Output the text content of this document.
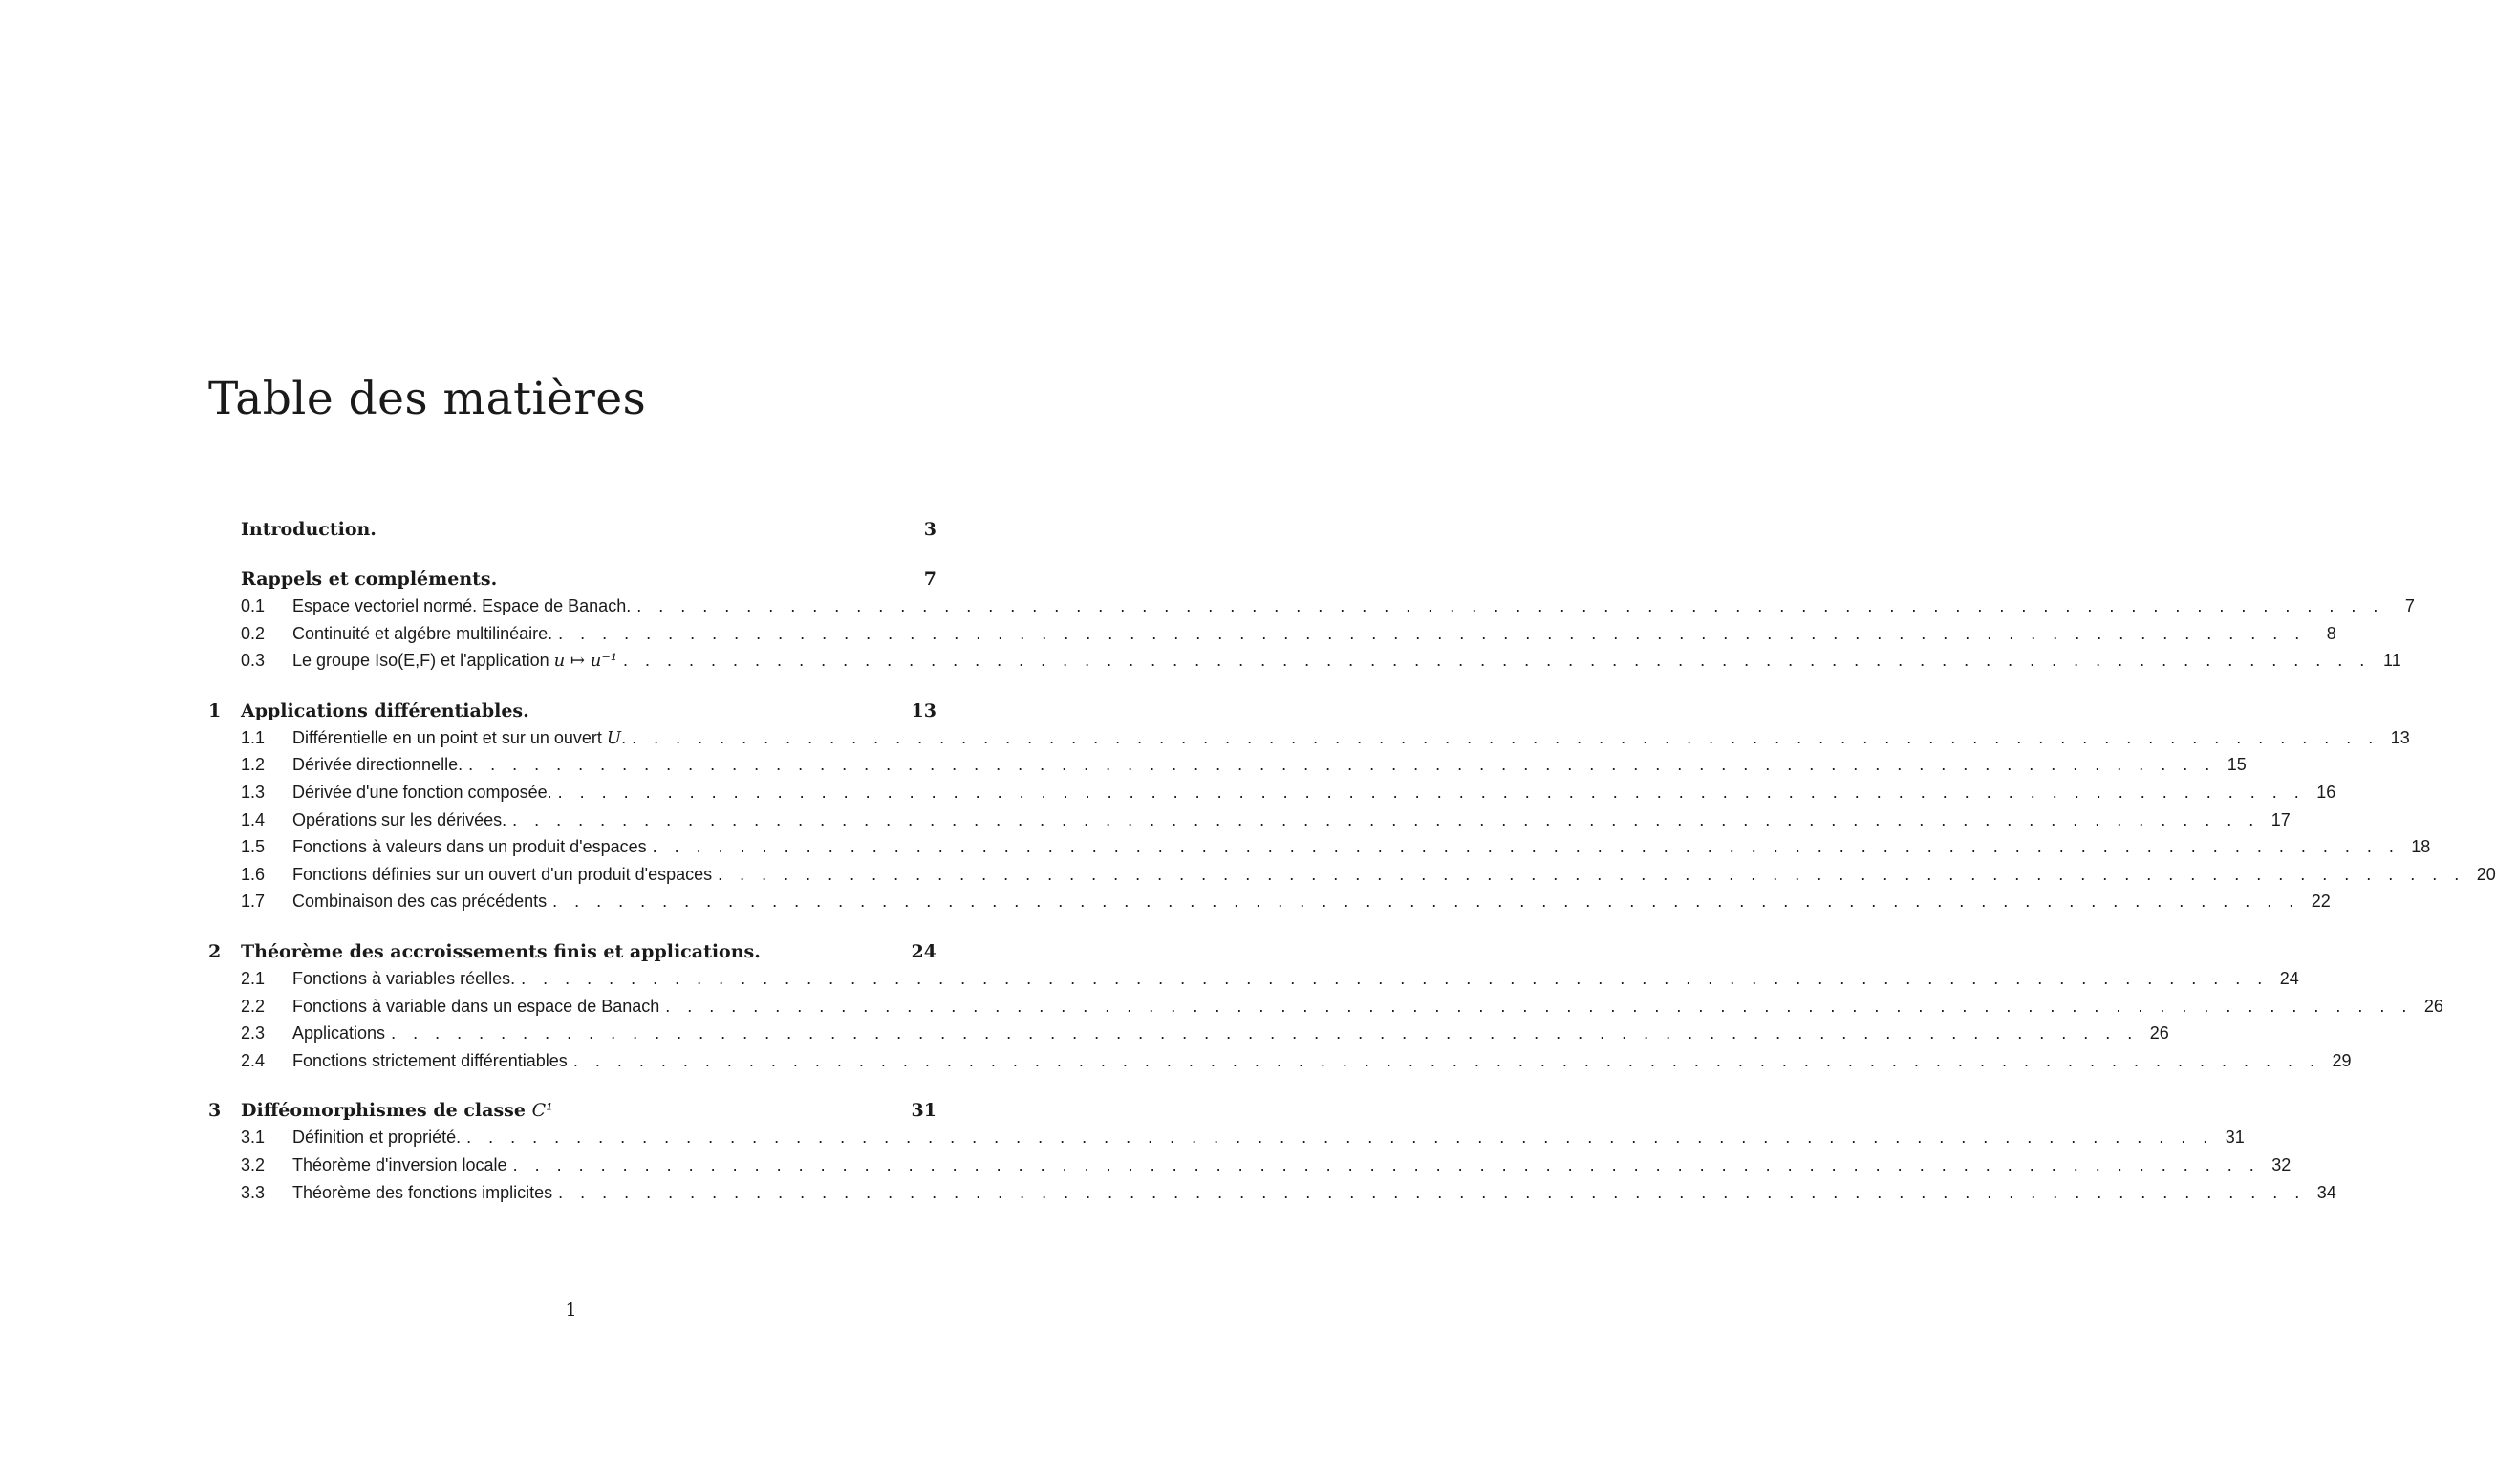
Table des matières
Introduction.	3
Rappels et compléments.	7
0.1	Espace vectoriel normé. Espace de Banach. . . . . . . . . . . . . . . . . . . . . . . . . . . . . . . . . . . . . . . . . . . . . . . . . . . . . . . . . . . . . . . . . . . . . . . . . . . . . . . . .	7
0.2	Continuité et algébre multilinéaire. . . . . . . . . . . . . . . . . . . . . . . . . . . . . . . . . . . . . . . . . . . . . . . . . . . . . . . . . . . . . . . . . . . . . . . . . . . . . . . . .	8
0.3	Le groupe Iso(E,F) et l'application u ↦ u⁻¹ . . . . . . . . . . . . . . . . . . . . . . . . . . . . . . . . . . . . . . . . . . . . . . . . . . . . . . . . . . . . . . . . . . . . . . . . . . . . . . . . 11
1	Applications différentiables.	13
1.1	Différentielle en un point et sur un ouvert U. . . . . . . . . . . . . . . . . . . . . . . . . . . . . . . . . . . . . . . . . . . . . . . . . . . . . . . . . . . . . . . . . . . . . . . . . . . . . . . . . 13
1.2	Dérivée directionnelle. . . . . . . . . . . . . . . . . . . . . . . . . . . . . . . . . . . . . . . . . . . . . . . . . . . . . . . . . . . . . . . . . . . . . . . . . . . . . . . . . 15
1.3	Dérivée d'une fonction composée. . . . . . . . . . . . . . . . . . . . . . . . . . . . . . . . . . . . . . . . . . . . . . . . . . . . . . . . . . . . . . . . . . . . . . . . . . . . . . . . . 16
1.4	Opérations sur les dérivées. . . . . . . . . . . . . . . . . . . . . . . . . . . . . . . . . . . . . . . . . . . . . . . . . . . . . . . . . . . . . . . . . . . . . . . . . . . . . . . . . 17
1.5	Fonctions à valeurs dans un produit d'espaces . . . . . . . . . . . . . . . . . . . . . . . . . . . . . . . . . . . . . . . . . . . . . . . . . . . . . . . . . . . . . . . . . . . . . . . . . . . . . . . . 18
1.6	Fonctions définies sur un ouvert d'un produit d'espaces . . . . . . . . . . . . . . . . . . . . . . . . . . . . . . . . . . . . . . . . . . . . . . . . . . . . . . . . . . . . . . . . . . . . . . . . . . . . . . . . 20
1.7	Combinaison des cas précédents . . . . . . . . . . . . . . . . . . . . . . . . . . . . . . . . . . . . . . . . . . . . . . . . . . . . . . . . . . . . . . . . . . . . . . . . . . . . . . . . 22
2	Théorème des accroissements finis et applications.	24
2.1	Fonctions à variables réelles. . . . . . . . . . . . . . . . . . . . . . . . . . . . . . . . . . . . . . . . . . . . . . . . . . . . . . . . . . . . . . . . . . . . . . . . . . . . . . . . . 24
2.2	Fonctions à variable dans un espace de Banach . . . . . . . . . . . . . . . . . . . . . . . . . . . . . . . . . . . . . . . . . . . . . . . . . . . . . . . . . . . . . . . . . . . . . . . . . . . . . . . . 26
2.3	Applications . . . . . . . . . . . . . . . . . . . . . . . . . . . . . . . . . . . . . . . . . . . . . . . . . . . . . . . . . . . . . . . . . . . . . . . . . . . . . . . . 26
2.4	Fonctions strictement différentiables . . . . . . . . . . . . . . . . . . . . . . . . . . . . . . . . . . . . . . . . . . . . . . . . . . . . . . . . . . . . . . . . . . . . . . . . . . . . . . . . 29
3	Difféomorphismes de classe C¹	31
3.1	Définition et propriété. . . . . . . . . . . . . . . . . . . . . . . . . . . . . . . . . . . . . . . . . . . . . . . . . . . . . . . . . . . . . . . . . . . . . . . . . . . . . . . . . 31
3.2	Théorème d'inversion locale . . . . . . . . . . . . . . . . . . . . . . . . . . . . . . . . . . . . . . . . . . . . . . . . . . . . . . . . . . . . . . . . . . . . . . . . . . . . . . . . 32
3.3	Théorème des fonctions implicites . . . . . . . . . . . . . . . . . . . . . . . . . . . . . . . . . . . . . . . . . . . . . . . . . . . . . . . . . . . . . . . . . . . . . . . . . . . . . . . . 34
1
